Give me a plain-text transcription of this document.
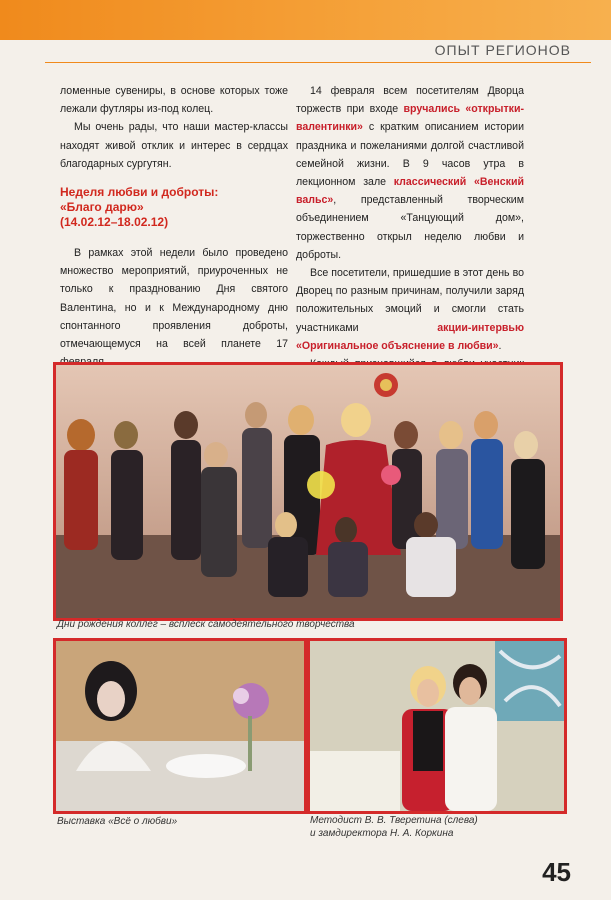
ОПЫТ РЕГИОНОВ

ломенные сувениры, в основе которых тоже лежали футляры из-под колец.

Мы очень рады, что наши мастер-классы находят живой отклик и интерес в сердцах благодарных сургутян.

Неделя любви и доброты:
«Благо дарю»
(14.02.12–18.02.12)

В рамках этой недели было проведено множество мероприятий, приуроченных не только к празднованию Дня святого Валентина, но и к Международному дню спонтанного проявления доброты, отмечающемуся на всей планете 17

14 февраля всем посетителям Дворца торжеств при входе вручались «открытки-валентинки» с кратким описанием истории праздника и пожеланиями долгой счастливой семейной жизни. В 9 часов утра в лекционном зале классический «Венский вальс», представленный творческим объединением «Танцующий дом», торжественно открыл неделю любви и доброты.

Все посетители, пришедшие в этот день во Дворец по разным причинам, получили заряд положительных эмоций и смогли стать участниками акции-интервью «Оригинальное объяснение в любви».

Дни рождения коллег – всплеск самодеятельного творчества
Выставка «Всё о любви»	Методист В. В. Тверетина (слева)
и замдиректора Н. А. Коркина
45
